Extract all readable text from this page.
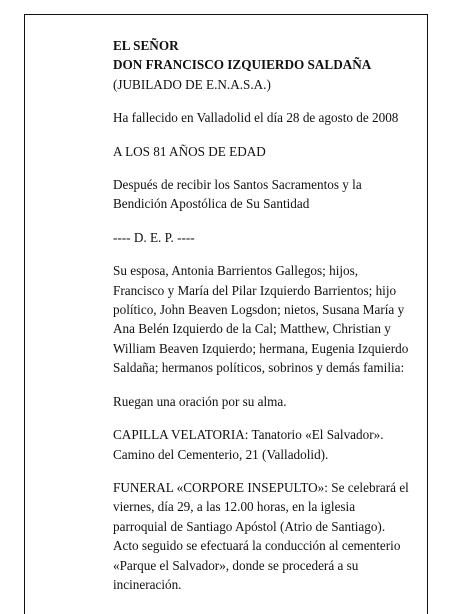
EL SEÑOR

DON FRANCISCO IZQUIERDO SALDAÑA

(JUBILADO DE E.N.A.S.A.)

Ha fallecido en Valladolid el día 28 de agosto de 2008

A LOS 81 AÑOS DE EDAD

Después de recibir los Santos Sacramentos y la

Bendición Apostólica de Su Santidad

---- D. E. P. ----

Su esposa, Antonia Barrientos Gallegos; hijos,

Francisco y María del Pilar Izquierdo Barrientos; hijo

político, John Beaven Logsdon; nietos, Susana María y

Ana Belén Izquierdo de la Cal; Matthew, Christian y

William Beaven Izquierdo; hermana, Eugenia Izquierdo

Saldaña; hermanos políticos, sobrinos y demás familia:

Ruegan una oración por su alma.

CAPILLA VELATORIA: Tanatorio «El Salvador».

Camino del Cementerio, 21 (Valladolid).

FUNERAL «CORPORE INSEPULTO»: Se celebrará el

viernes, día 29, a las 12.00 horas, en la iglesia

parroquial de Santiago Apóstol (Atrio de Santiago).

Acto seguido se efectuará la conducción al cementerio

«Parque el Salvador», donde se procederá a su

incineración.
